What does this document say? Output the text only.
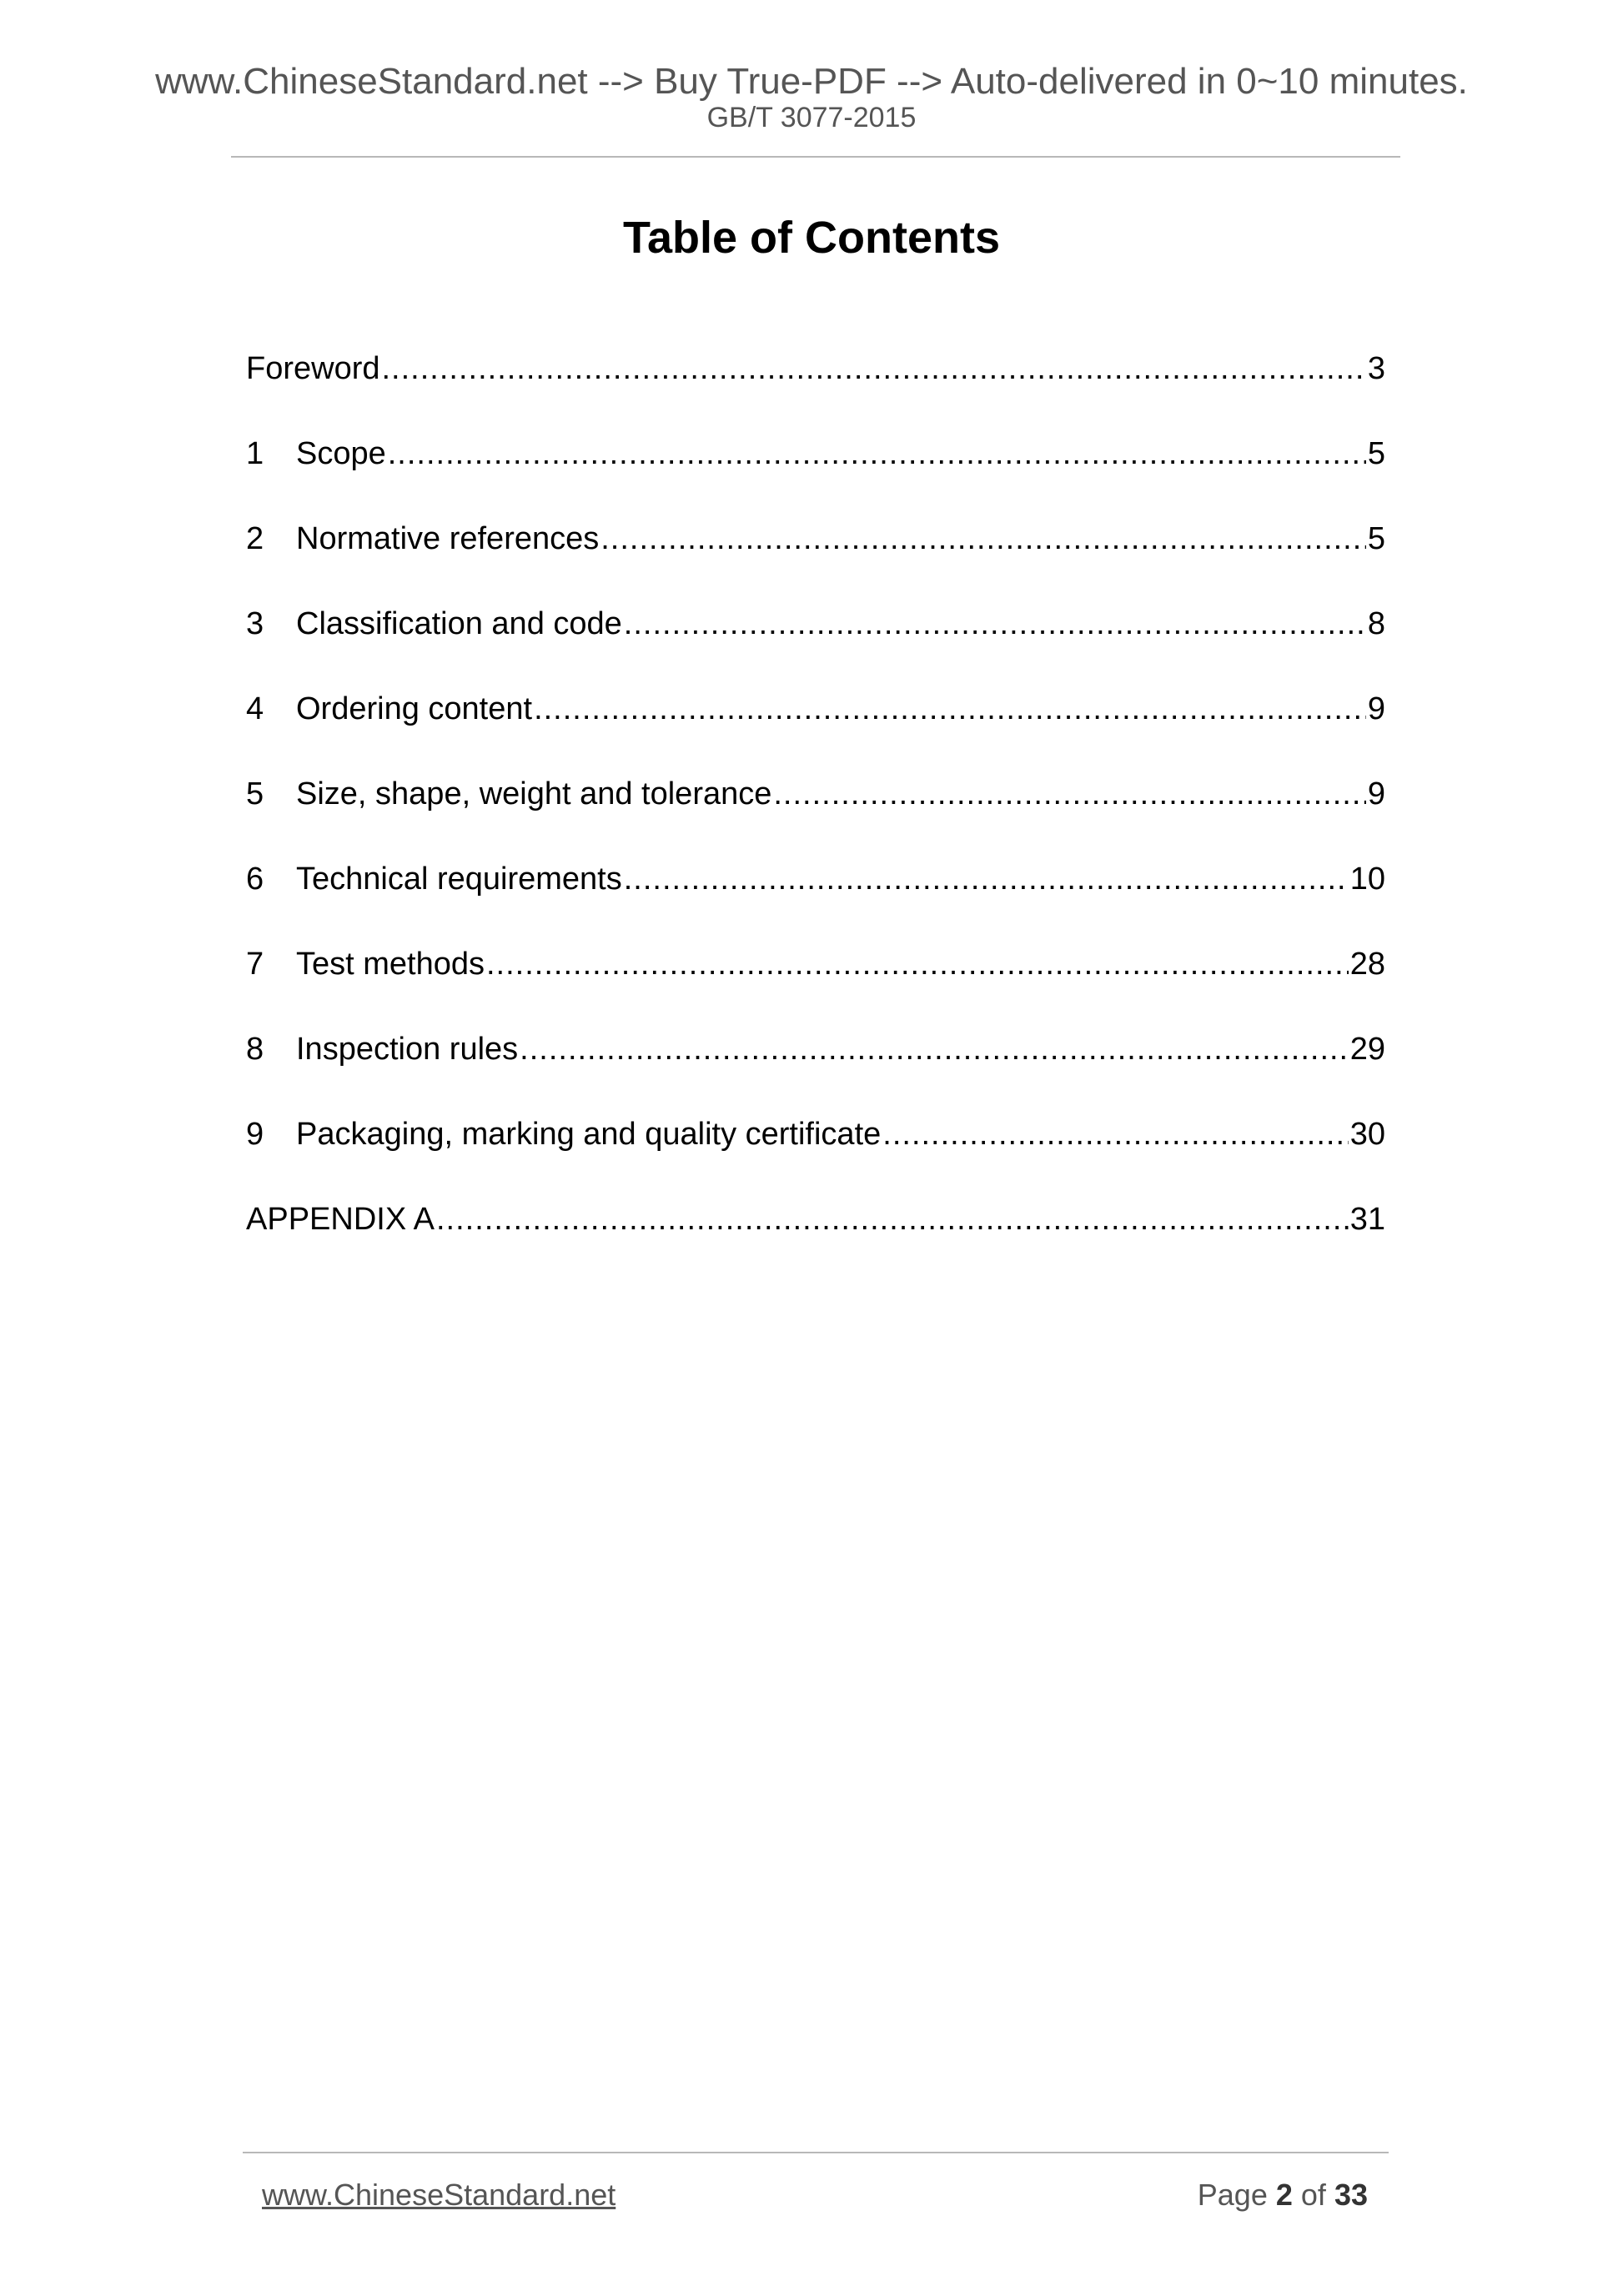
www.ChineseStandard.net --> Buy True-PDF --> Auto-delivered in 0~10 minutes.
GB/T 3077-2015
Table of Contents
Foreword .....	3
1	Scope .....	5
2	Normative references .....	5
3	Classification and code .....	8
4	Ordering content .....	9
5	Size, shape, weight and tolerance .....	9
6	Technical requirements .....	10
7	Test methods .....	28
8	Inspection rules .....	29
9	Packaging, marking and quality certificate .....	30
APPENDIX A .....	31
www.ChineseStandard.net	Page 2 of 33
